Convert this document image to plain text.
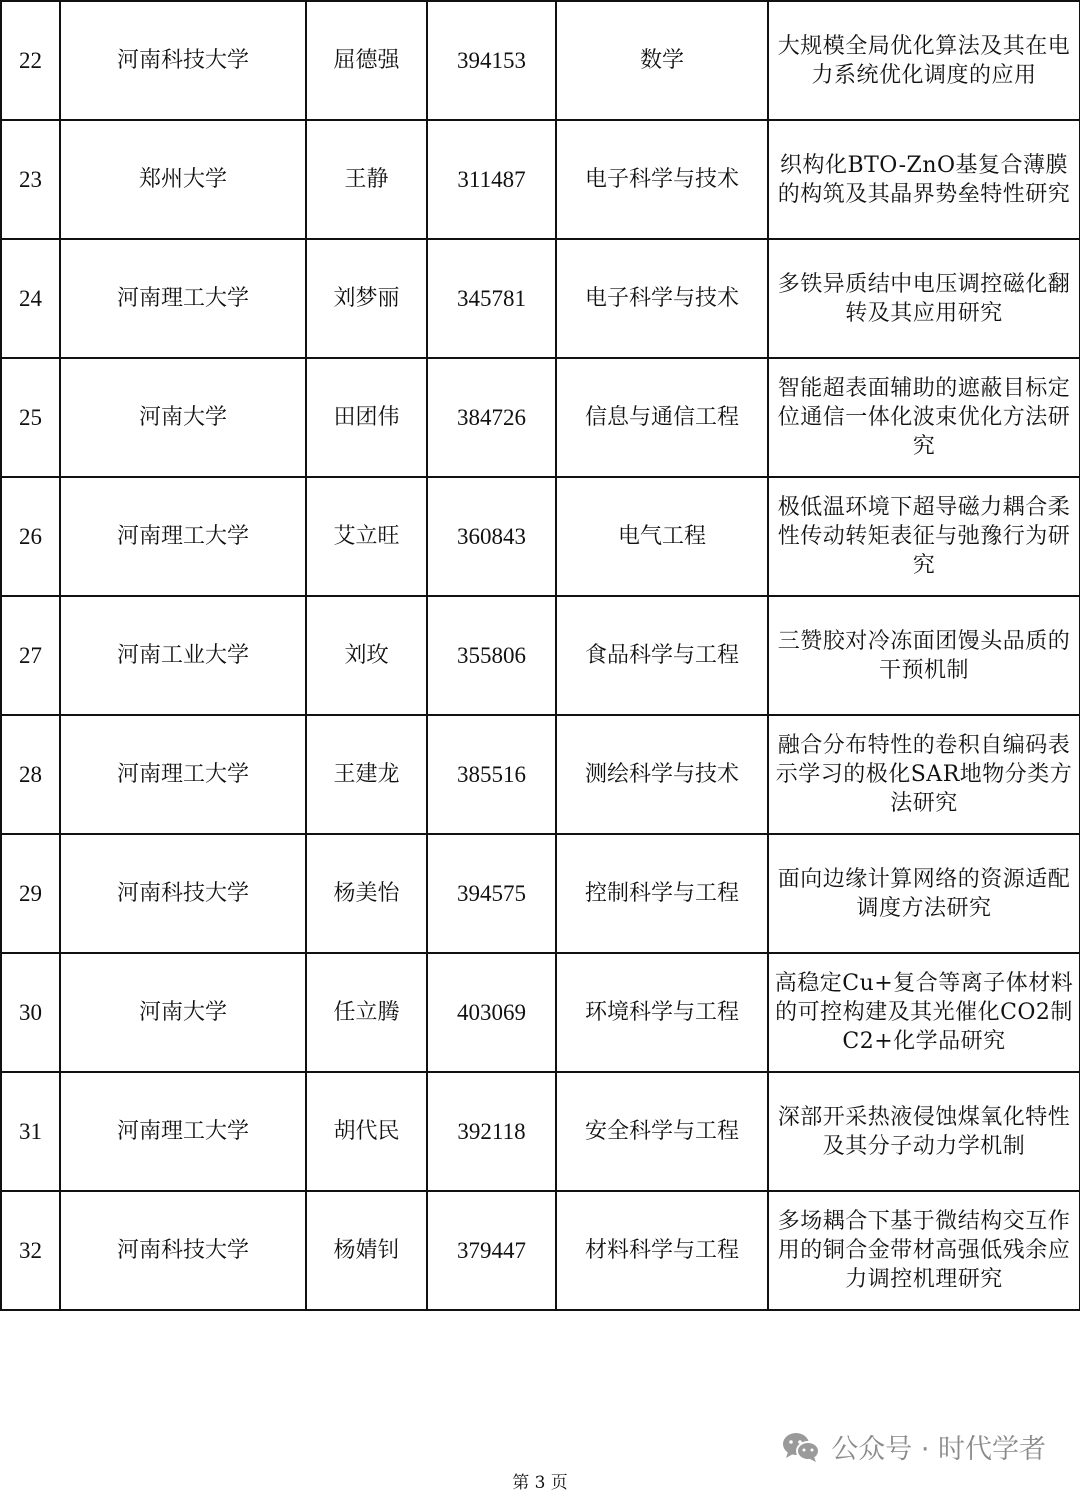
22	河南科技大学	屈德强	394153	数学	大规模全局优化算法及其在电力系统优化调度的应用
23	郑州大学	王静	311487	电子科学与技术	织构化BTO-ZnO基复合薄膜的构筑及其晶界势垒特性研究
24	河南理工大学	刘梦丽	345781	电子科学与技术	多铁异质结中电压调控磁化翻转及其应用研究
25	河南大学	田团伟	384726	信息与通信工程	智能超表面辅助的遮蔽目标定位通信一体化波束优化方法研究
26	河南理工大学	艾立旺	360843	电气工程	极低温环境下超导磁力耦合柔性传动转矩表征与弛豫行为研究
27	河南工业大学	刘玫	355806	食品科学与工程	三赞胶对冷冻面团馒头品质的干预机制
28	河南理工大学	王建龙	385516	测绘科学与技术	融合分布特性的卷积自编码表示学习的极化SAR地物分类方法研究
29	河南科技大学	杨美怡	394575	控制科学与工程	面向边缘计算网络的资源适配调度方法研究
30	河南大学	任立腾	403069	环境科学与工程	高稳定Cu+复合等离子体材料的可控构建及其光催化CO2制C2+化学品研究
31	河南理工大学	胡代民	392118	安全科学与工程	深部开采热液侵蚀煤氧化特性及其分子动力学机制
32	河南科技大学	杨婧钊	379447	材料科学与工程	多场耦合下基于微结构交互作用的铜合金带材高强低残余应力调控机理研究
公众号 · 时代学者
第 3 页
